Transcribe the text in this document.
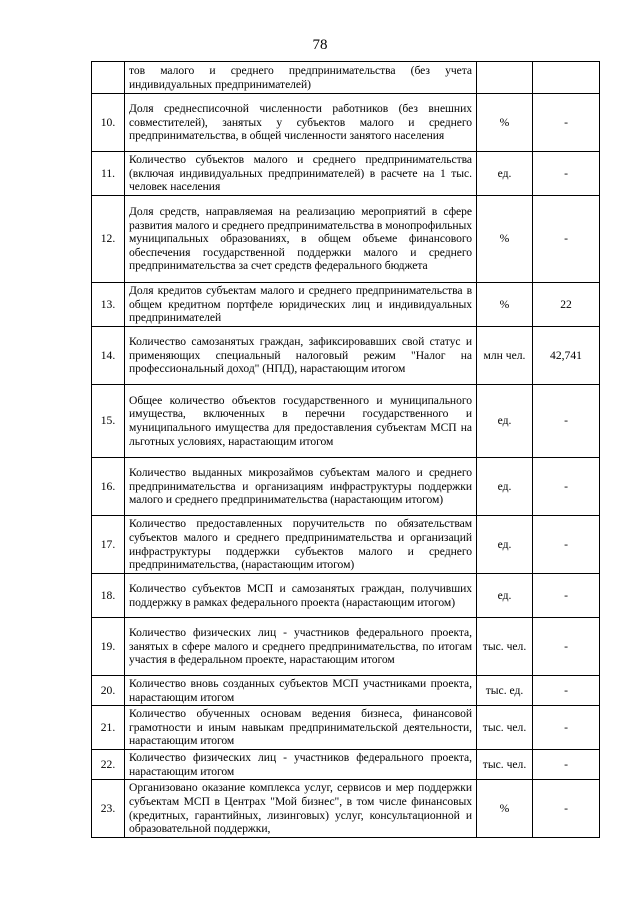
78
	тов малого и среднего предпринимательства (без учета индивидуальных предпринимателей)		
10.	Доля среднесписочной численности работников (без внешних совместителей), занятых у субъектов малого и среднего предпринимательства, в общей численности занятого населения	%	-
11.	Количество субъектов малого и среднего предпринимательства (включая индивидуальных предпринимателей) в расчете на 1 тыс. человек населения	ед.	-
12.	Доля средств, направляемая на реализацию мероприятий в сфере развития малого и среднего предпринимательства в монопрофильных муниципальных образованиях, в общем объеме финансового обеспечения государственной поддержки малого и среднего предпринимательства за счет средств федерального бюджета	%	-
13.	Доля кредитов субъектам малого и среднего предпринимательства в общем кредитном портфеле юридических лиц и индивидуальных предпринимателей	%	22
14.	Количество самозанятых граждан, зафиксировавших свой статус и применяющих специальный налоговый режим "Налог на профессиональный доход" (НПД), нарастающим итогом	млн чел.	42,741
15.	Общее количество объектов государственного и муниципального имущества, включенных в перечни государственного и муниципального имущества для предоставления субъектам МСП на льготных условиях, нарастающим итогом	ед.	-
16.	Количество выданных микрозаймов субъектам малого и среднего предпринимательства и организациям инфраструктуры поддержки малого и среднего предпринимательства (нарастающим итогом)	ед.	-
17.	Количество предоставленных поручительств по обязательствам субъектов малого и среднего предпринимательства и организаций инфраструктуры поддержки субъектов малого и среднего предпринимательства, (нарастающим итогом)	ед.	-
18.	Количество субъектов МСП и самозанятых граждан, получивших поддержку в рамках федерального проекта (нарастающим итогом)	ед.	-
19.	Количество физических лиц - участников федерального проекта, занятых в сфере малого и среднего предпринимательства, по итогам участия в федеральном проекте, нарастающим итогом	тыс. чел.	-
20.	Количество вновь созданных субъектов МСП участниками проекта, нарастающим итогом	тыс. ед.	-
21.	Количество обученных основам ведения бизнеса, финансовой грамотности и иным навыкам предпринимательской деятельности, нарастающим итогом	тыс. чел.	-
22.	Количество физических лиц - участников федерального проекта, нарастающим итогом	тыс. чел.	-
23.	Организовано оказание комплекса услуг, сервисов и мер поддержки субъектам МСП в Центрах "Мой бизнес", в том числе финансовых (кредитных, гарантийных, лизинговых) услуг, консультационной и образовательной поддержки,	%	-
